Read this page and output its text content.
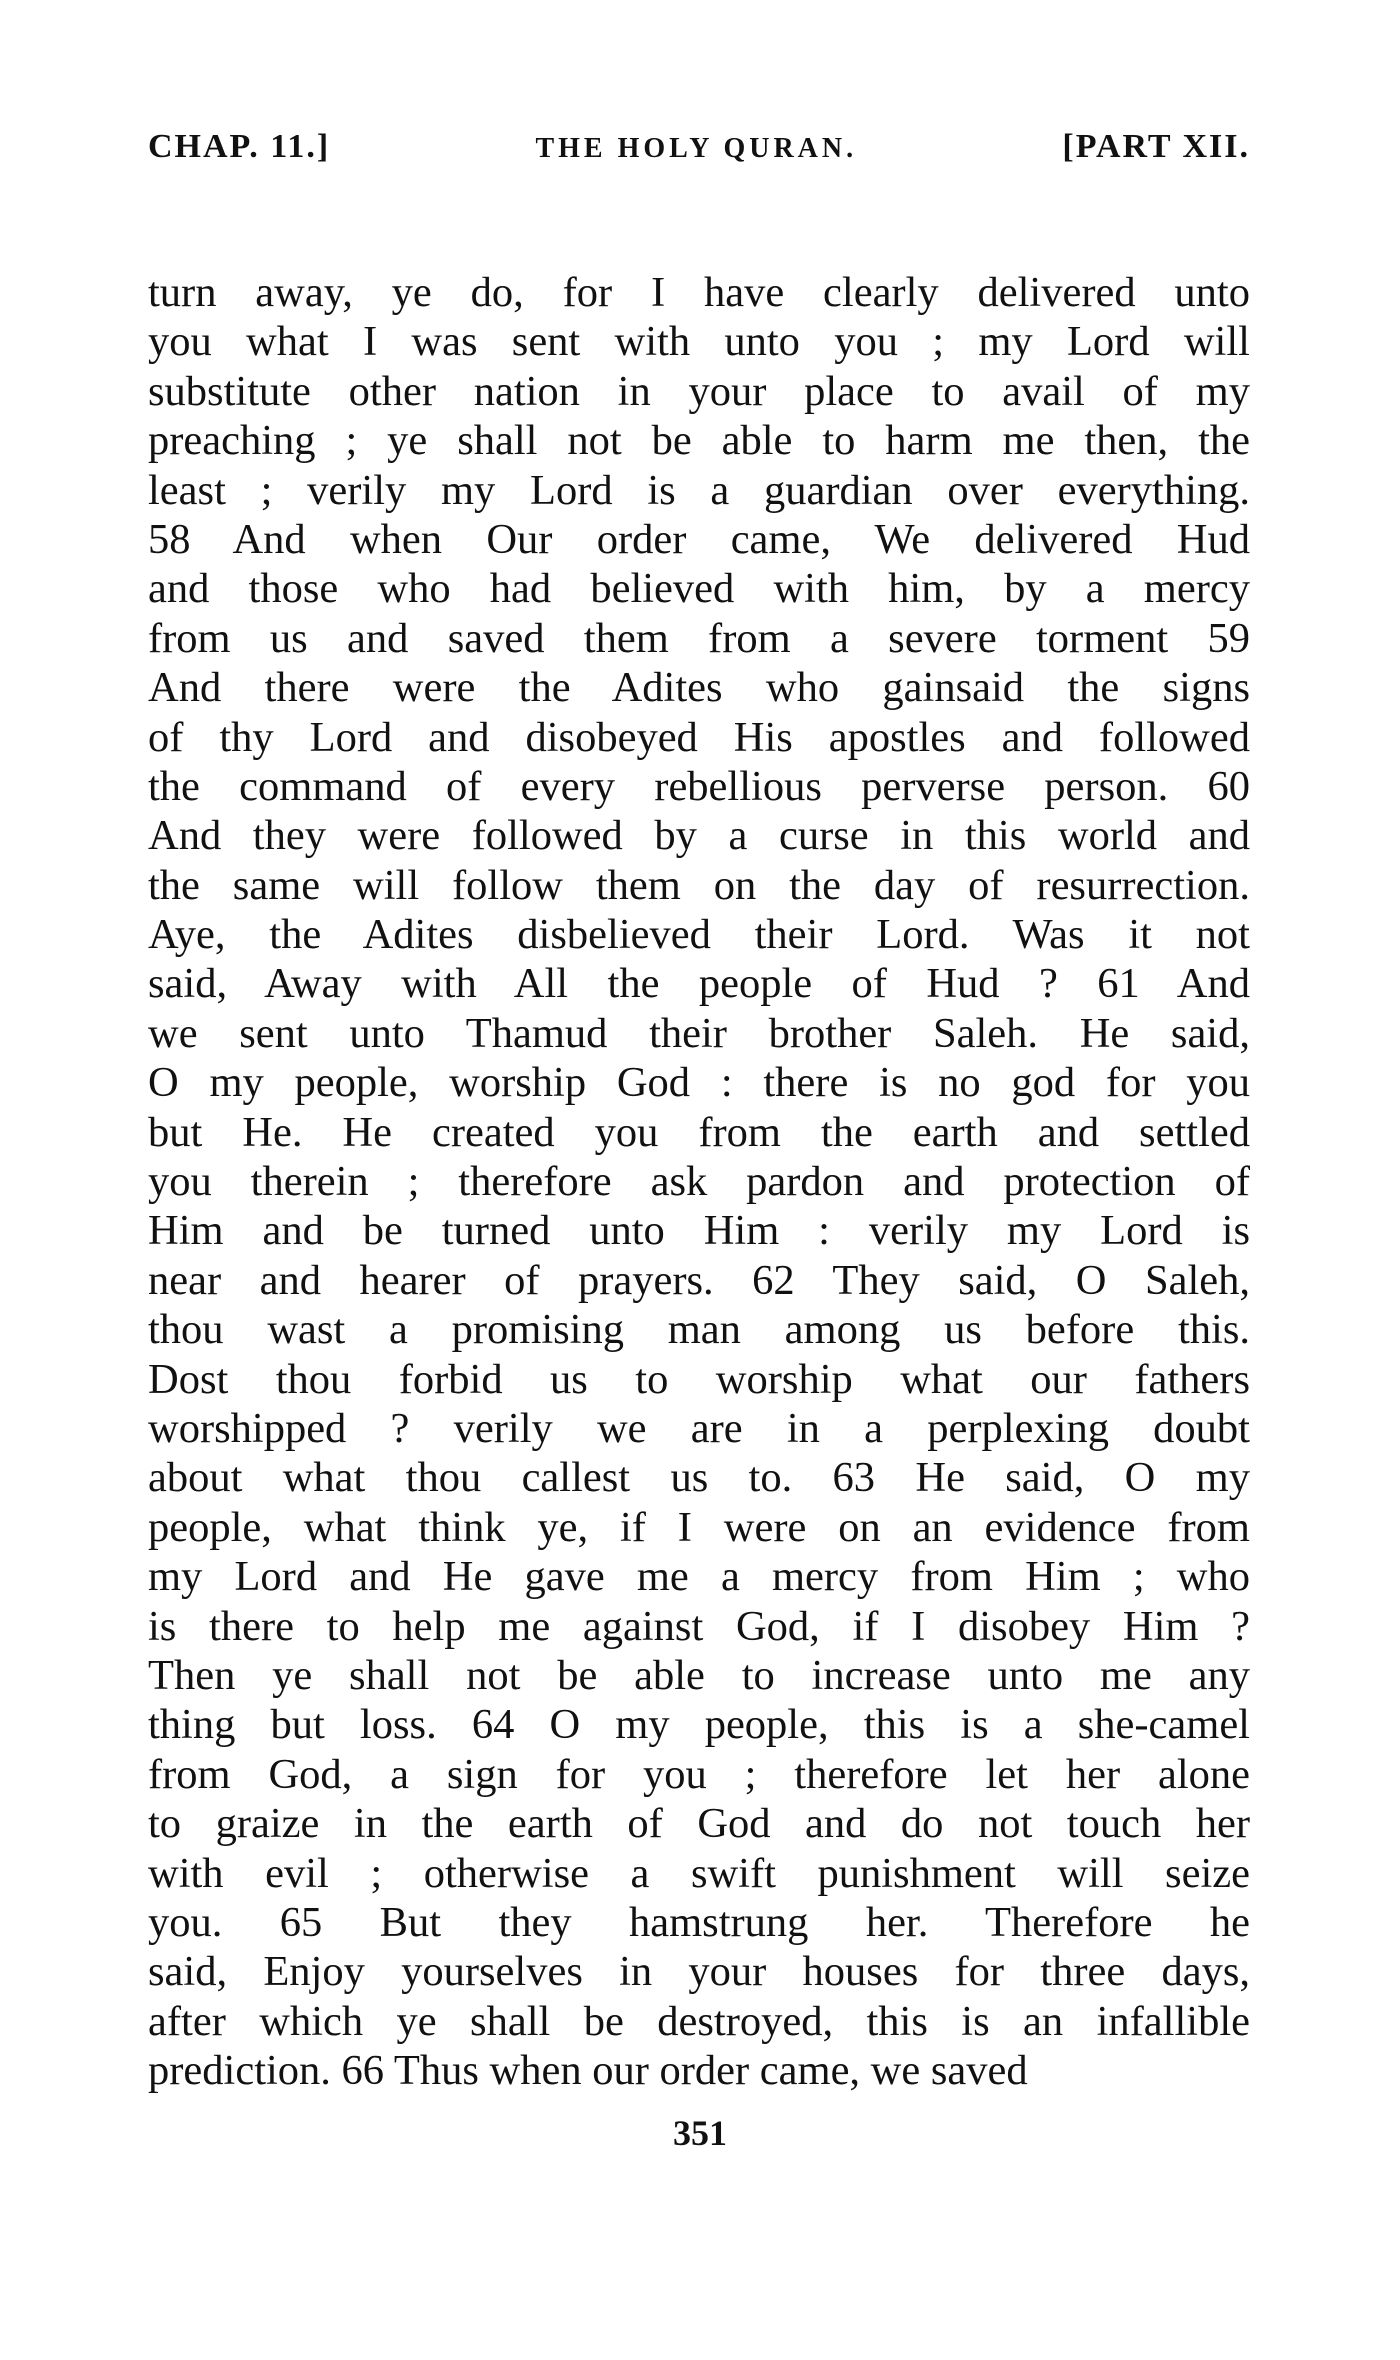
CHAP. 11.]	THE HOLY QURAN.	[PART XII.
turn away, ye do, for I have clearly delivered unto
you what I was sent with unto you ; my Lord will
substitute other nation in your place to avail of my
preaching ; ye shall not be able to harm me then, the
least ; verily my Lord is a guardian over everything.
58 And when Our order came, We delivered Hud
and those who had believed with him, by a mercy
from us and saved them from a severe torment 59
And there were the Adites who gainsaid the signs
of thy Lord and disobeyed His apostles and followed
the command of every rebellious perverse person. 60
And they were followed by a curse in this world and
the same will follow them on the day of resurrection.
Aye, the Adites disbelieved their Lord. Was it not
said, Away with All the people of Hud ? 61 And
we sent unto Thamud their brother Saleh. He said,
O my people, worship God : there is no god for you
but He. He created you from the earth and settled
you therein ; therefore ask pardon and protection of
Him and be turned unto Him : verily my Lord is
near and hearer of prayers. 62 They said, O Saleh,
thou wast a promising man among us before this.
Dost thou forbid us to worship what our fathers
worshipped ? verily we are in a perplexing doubt
about what thou callest us to. 63 He said, O my
people, what think ye, if I were on an evidence from
my Lord and He gave me a mercy from Him ; who
is there to help me against God, if I disobey Him ?
Then ye shall not be able to increase unto me any
thing but loss. 64 O my people, this is a she-camel
from God, a sign for you ; therefore let her alone
to graize in the earth of God and do not touch her
with evil ; otherwise a swift punishment will seize
you. 65 But they hamstrung her. Therefore he
said, Enjoy yourselves in your houses for three days,
after which ye shall be destroyed, this is an infallible
prediction. 66 Thus when our order came, we saved
351
